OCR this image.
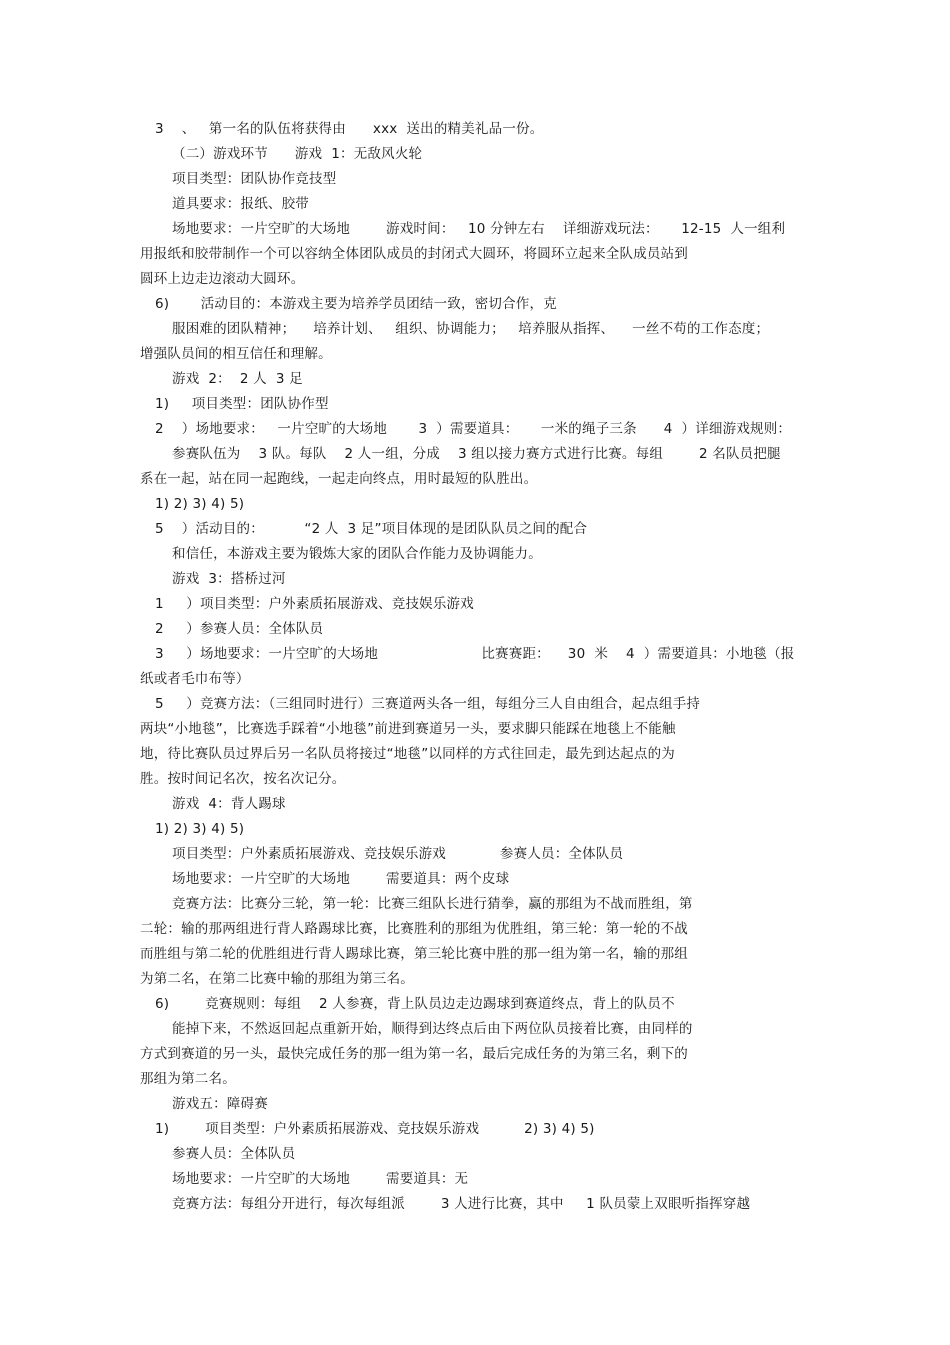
3    、   第一名的队伍将获得由      xxx  送出的精美礼品一份。
（二）游戏环节      游戏  1：无敌风火轮
项目类型：团队协作竞技型
道具要求：报纸、胶带
场地要求：一片空旷的大场地        游戏时间：   10 分钟左右    详细游戏玩法：     12-15  人一组利
用报纸和胶带制作一个可以容纳全体团队成员的封闭式大圆环，将圆环立起来全队成员站到
圆环上边走边滚动大圆环。
6)       活动目的：本游戏主要为培养学员团结一致，密切合作，克
服困难的团队精神；    培养计划、   组织、协调能力；   培养服从指挥、    一丝不苟的工作态度；
增强队员间的相互信任和理解。
游戏  2：  2 人  3 足
1)     项目类型：团队协作型
2    ）场地要求：   一片空旷的大场地       3  ）需要道具：     一米的绳子三条      4  ）详细游戏规则：
参赛队伍为    3 队。每队    2 人一组，分成    3 组以接力赛方式进行比赛。每组        2 名队员把腿
系在一起，站在同一起跑线，一起走向终点，用时最短的队胜出。
1) 2) 3) 4) 5)
5    ）活动目的：         “2 人  3 足”项目体现的是团队队员之间的配合
和信任，本游戏主要为锻炼大家的团队合作能力及协调能力。
游戏  3：搭桥过河
1     ）项目类型：户外素质拓展游戏、竞技娱乐游戏
2     ）参赛人员：全体队员
3     ）场地要求：一片空旷的大场地                       比赛赛距：    30  米    4  ）需要道具：小地毯（报
纸或者毛巾布等）
5     ）竞赛方法：（三组同时进行）三赛道两头各一组，每组分三人自由组合，起点组手持
两块“小地毯”，比赛选手踩着“小地毯”前进到赛道另一头，要求脚只能踩在地毯上不能触
地，待比赛队员过界后另一名队员将接过“地毯”以同样的方式往回走，最先到达起点的为
胜。按时间记名次，按名次记分。
游戏  4：背人踢球
1) 2) 3) 4) 5)
项目类型：户外素质拓展游戏、竞技娱乐游戏            参赛人员：全体队员
场地要求：一片空旷的大场地        需要道具：两个皮球
竞赛方法：比赛分三轮，第一轮：比赛三组队长进行猜拳，赢的那组为不战而胜组，第
二轮：输的那两组进行背人路踢球比赛，比赛胜利的那组为优胜组，第三轮：第一轮的不战
而胜组与第二轮的优胜组进行背人踢球比赛，第三轮比赛中胜的那一组为第一名，输的那组
为第二名，在第二比赛中输的那组为第三名。
6)        竞赛规则：每组    2 人参赛，背上队员边走边踢球到赛道终点，背上的队员不
能掉下来，不然返回起点重新开始，顺得到达终点后由下两位队员接着比赛，由同样的
方式到赛道的另一头，最快完成任务的那一组为第一名，最后完成任务的为第三名，剩下的
那组为第二名。
游戏五：障碍赛
1)        项目类型：户外素质拓展游戏、竞技娱乐游戏          2) 3) 4) 5)
参赛人员：全体队员
场地要求：一片空旷的大场地        需要道具：无
竞赛方法：每组分开进行，每次每组派        3 人进行比赛，其中     1 队员蒙上双眼听指挥穿越
